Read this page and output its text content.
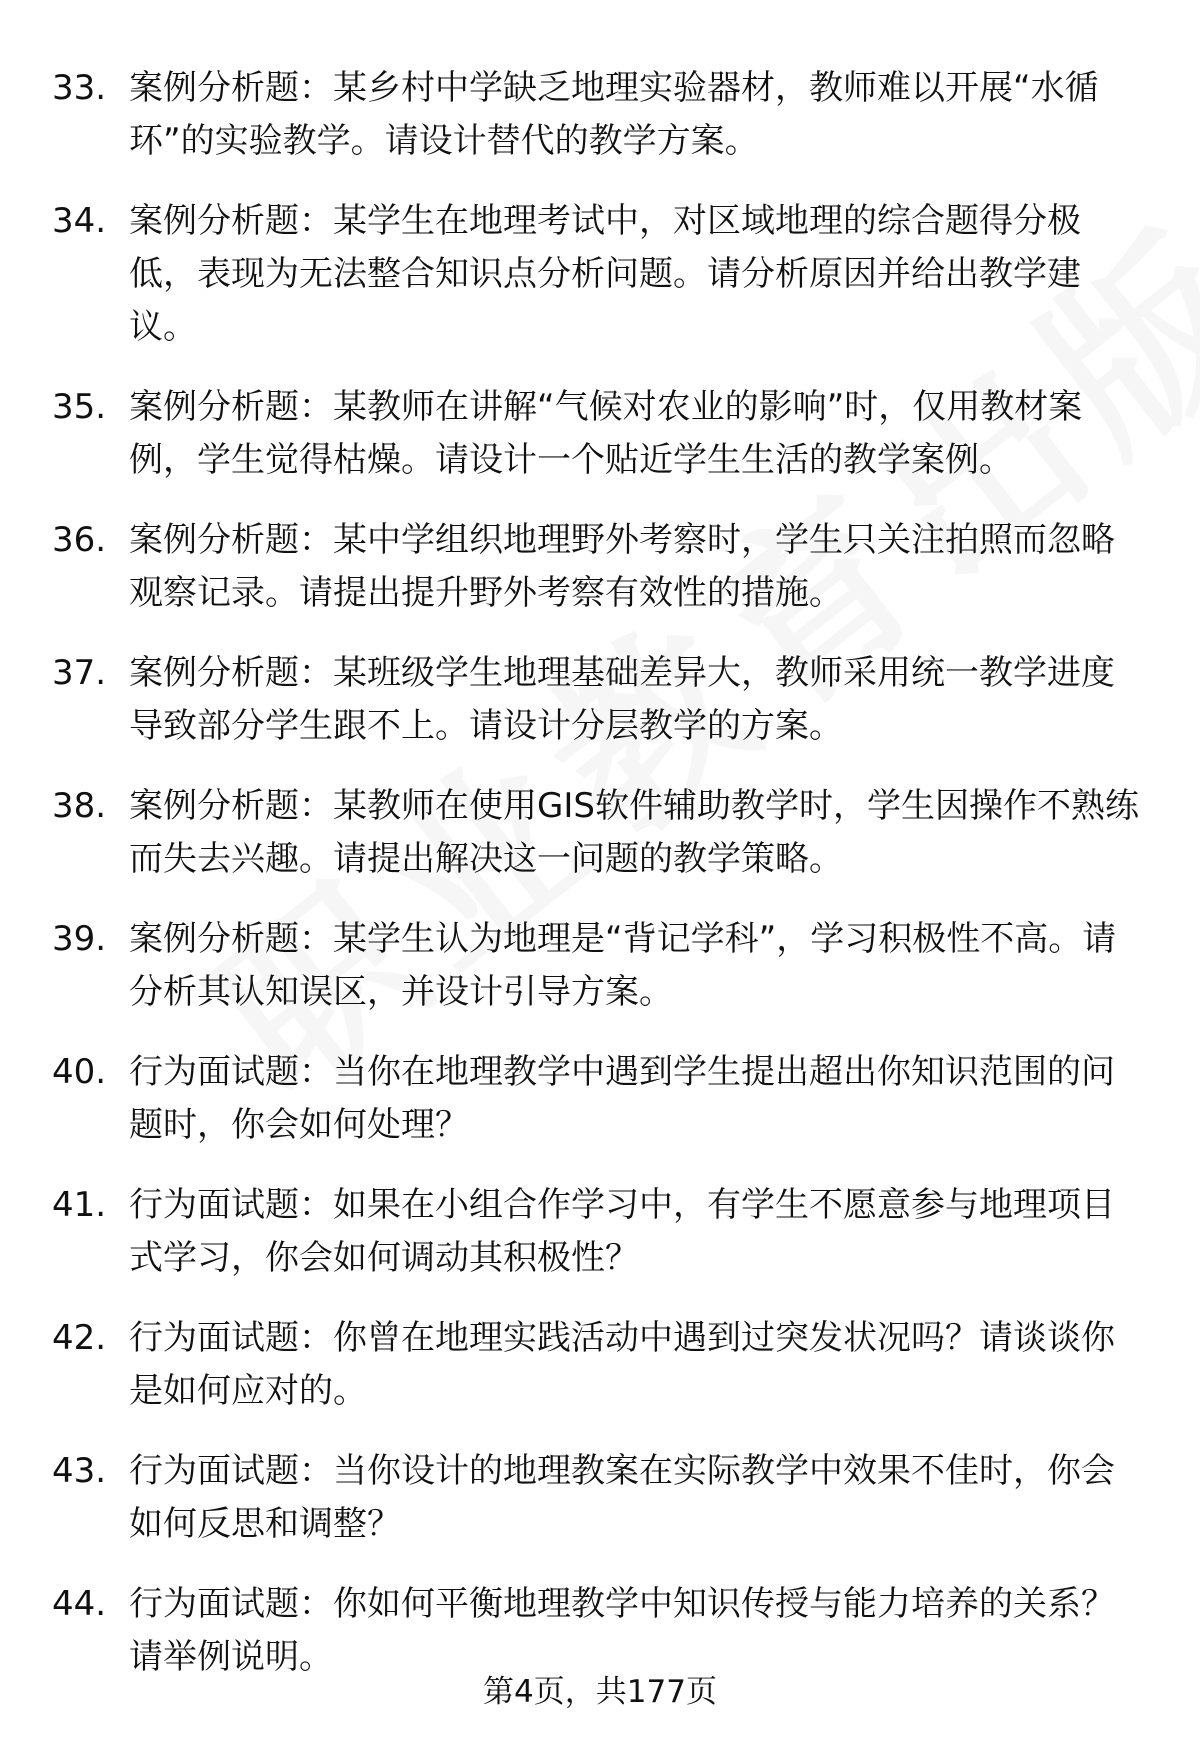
33. 案例分析题：某乡村中学缺乏地理实验器材，教师难以开展“水循环”的实验教学。请设计替代的教学方案。
34. 案例分析题：某学生在地理考试中，对区域地理的综合题得分极低，表现为无法整合知识点分析问题。请分析原因并给出教学建议。
35. 案例分析题：某教师在讲解“气候对农业的影响”时，仅用教材案例，学生觉得枯燥。请设计一个贴近学生生活的教学案例。
36. 案例分析题：某中学组织地理野外考察时，学生只关注拍照而忽略观察记录。请提出提升野外考察有效性的措施。
37. 案例分析题：某班级学生地理基础差异大，教师采用统一教学进度导致部分学生跟不上。请设计分层教学的方案。
38. 案例分析题：某教师在使用GIS软件辅助教学时，学生因操作不熟练而失去兴趣。请提出解决这一问题的教学策略。
39. 案例分析题：某学生认为地理是“背记学科”，学习积极性不高。请分析其认知误区，并设计引导方案。
40. 行为面试题：当你在地理教学中遇到学生提出超出你知识范围的问题时，你会如何处理？
41. 行为面试题：如果在小组合作学习中，有学生不愿意参与地理项目式学习，你会如何调动其积极性？
42. 行为面试题：你曾在地理实践活动中遇到过突发状况吗？请谈谈你是如何应对的。
43. 行为面试题：当你设计的地理教案在实际教学中效果不佳时，你会如何反思和调整？
44. 行为面试题：你如何平衡地理教学中知识传授与能力培养的关系？请举例说明。
第4页，共177页
